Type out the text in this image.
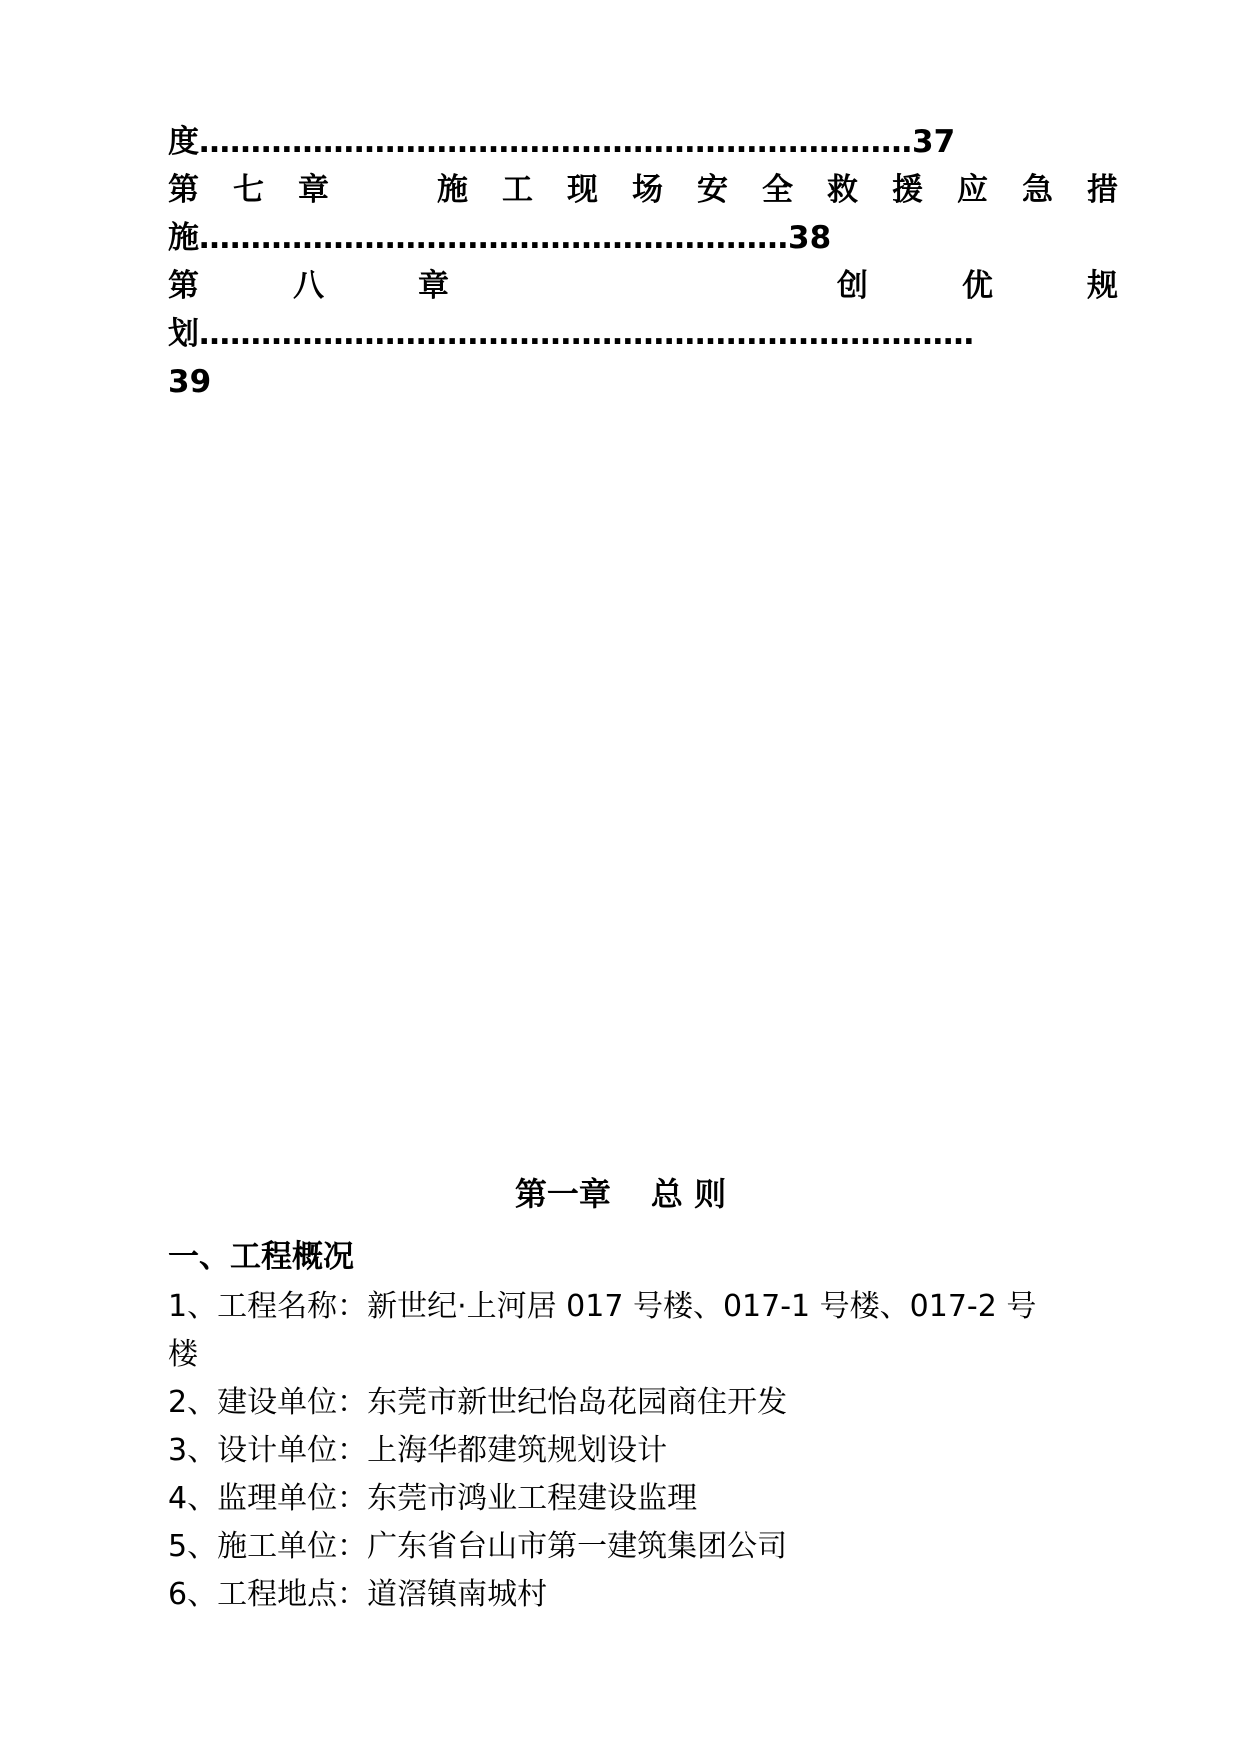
度……………………………………………………………37
第 七 章	施 工 现 场 安 全 救 援 应 急 措
施…………………………………………………38
第	八	章	创	优	规
划…………………………………………………………………
39
第一章 总 则
一、工程概况

1、工程名称：新世纪·上河居 017 号楼、017-1 号楼、017-2 号

楼

2、建设单位：东莞市新世纪怡岛花园商住开发

3、设计单位：上海华都建筑规划设计

4、监理单位：东莞市鸿业工程建设监理

5、施工单位：广东省台山市第一建筑集团公司

6、工程地点：道滘镇南城村
